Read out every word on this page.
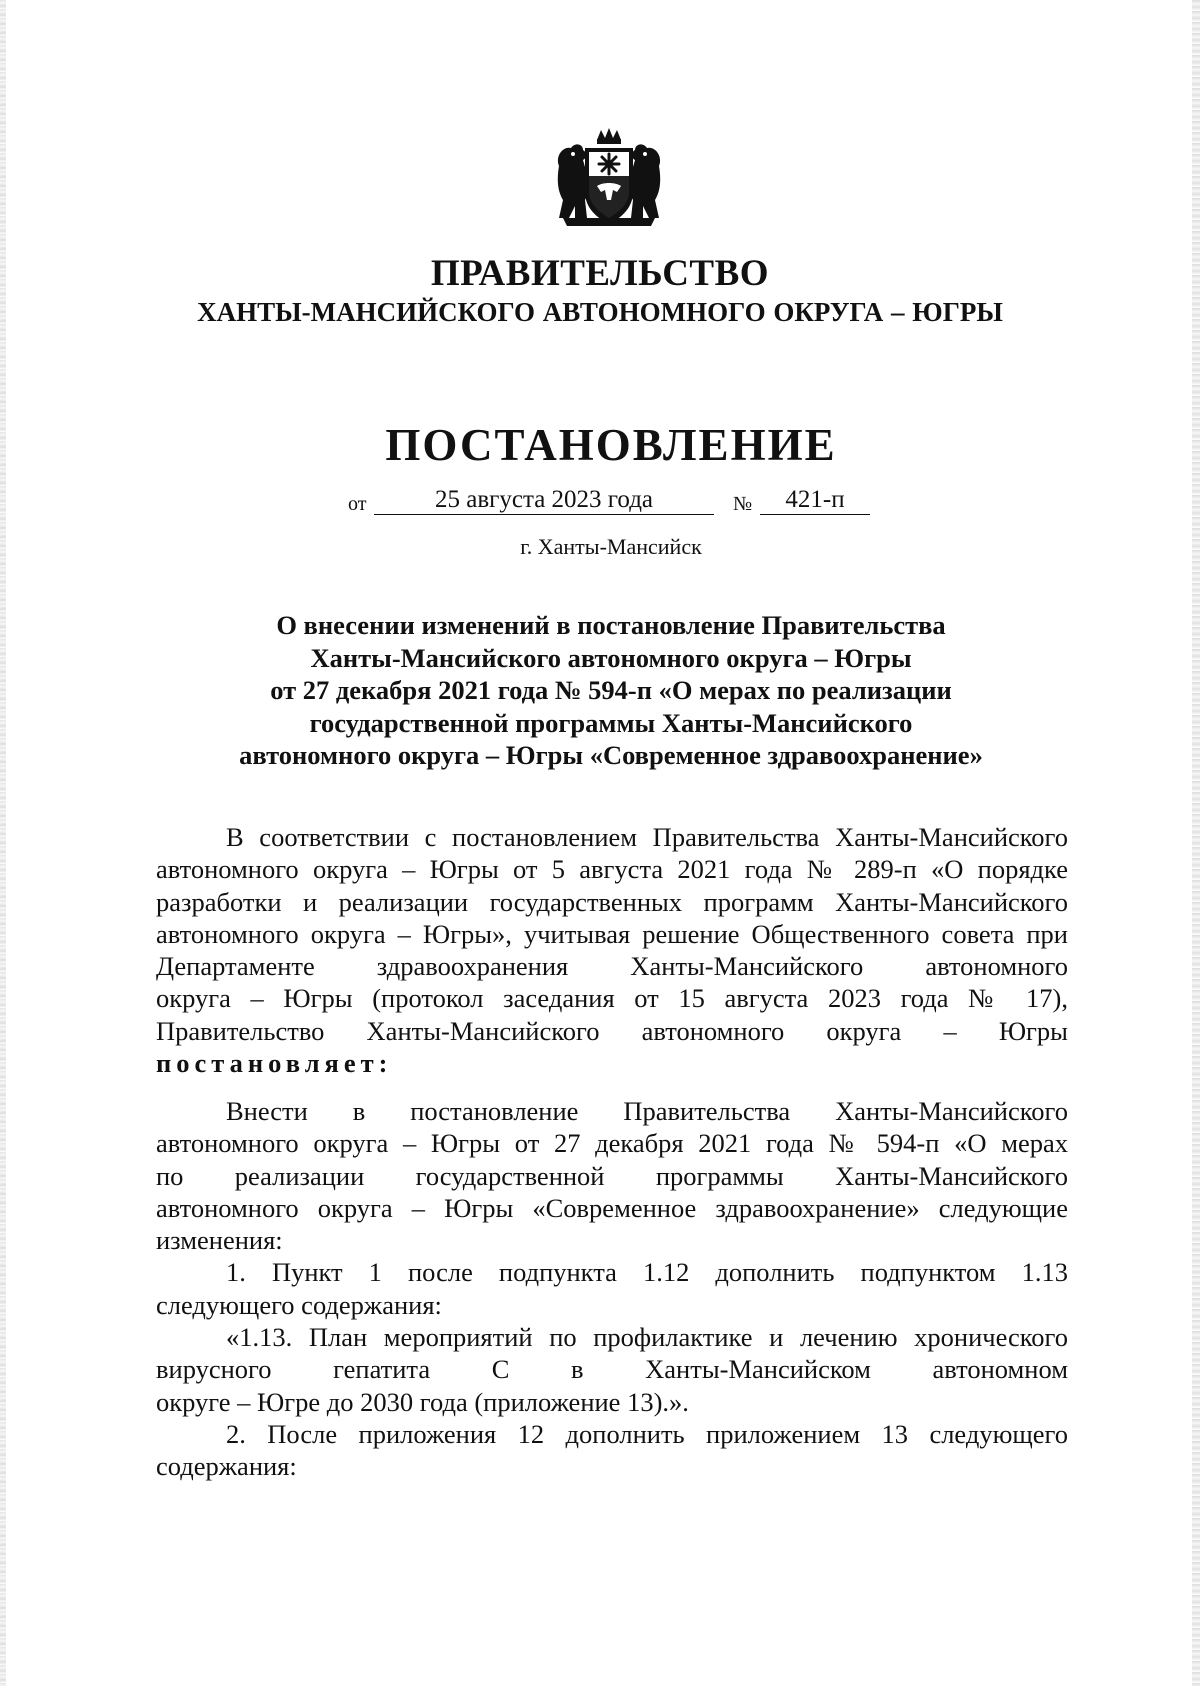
ПРАВИТЕЛЬСТВО
ХАНТЫ-МАНСИЙСКОГО АВТОНОМНОГО ОКРУГА – ЮГРЫ
ПОСТАНОВЛЕНИЕ
от	25 августа 2023 года	№	421-п
г. Ханты-Мансийск
О внесении изменений в постановление Правительства
Ханты-Мансийского автономного округа – Югры
от 27 декабря 2021 года № 594-п «О мерах по реализации
государственной программы Ханты-Мансийского
автономного округа – Югры «Современное здравоохранение»
В соответствии с постановлением Правительства Ханты-Мансийского
автономного округа – Югры от 5 августа 2021 года № 289-п «О порядке
разработки и реализации государственных программ Ханты-Мансийского
автономного округа – Югры», учитывая решение Общественного совета при
Департаменте здравоохранения Ханты-Мансийского автономного
округа – Югры (протокол заседания от 15 августа 2023 года № 17),
Правительство Ханты-Мансийского автономного округа – Югры
постановляет:
Внести в постановление Правительства Ханты-Мансийского
автономного округа – Югры от 27 декабря 2021 года № 594-п «О мерах
по реализации государственной программы Ханты-Мансийского
автономного округа – Югры «Современное здравоохранение» следующие
изменения:
1. Пункт 1 после подпункта 1.12 дополнить подпунктом 1.13
следующего содержания:
«1.13. План мероприятий по профилактике и лечению хронического
вирусного гепатита С в Ханты-Мансийском автономном
округе – Югре до 2030 года (приложение 13).».
2. После приложения 12 дополнить приложением 13 следующего
содержания:
